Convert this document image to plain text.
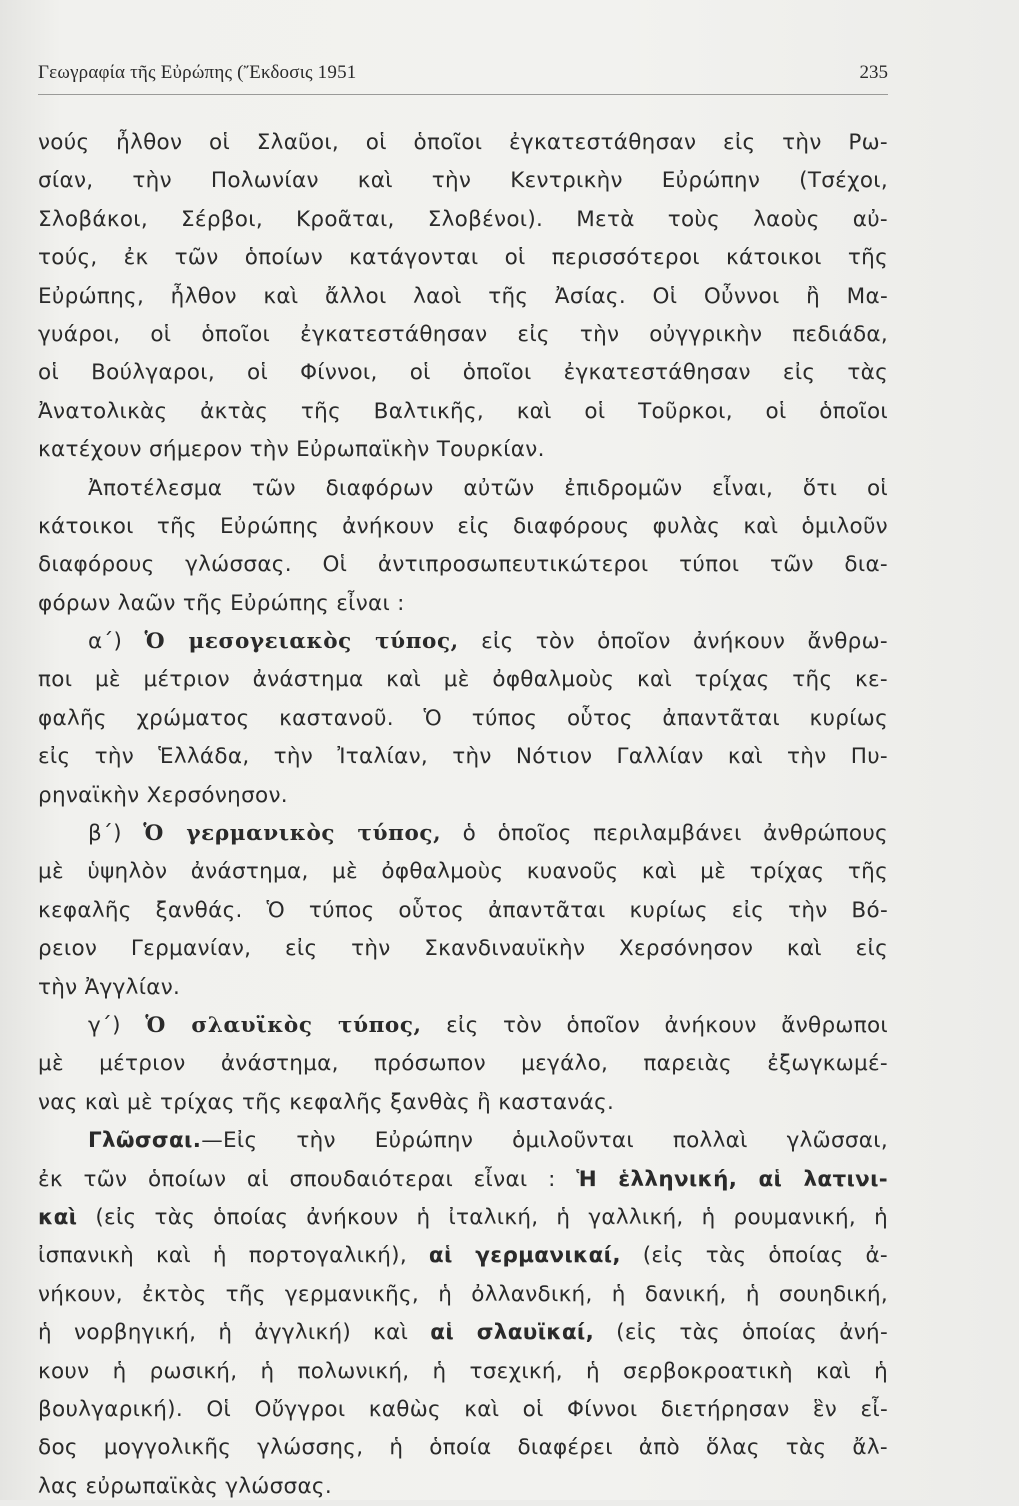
Γεωγραφία τῆς Εὐρώπης (Ἔκδοσις 1951	235
νούς ἦλθον οἱ Σλαῦοι, οἱ ὁποῖοι ἐγκατεστάθησαν εἰς τὴν Ρω-
σίαν, τὴν Πολωνίαν καὶ τὴν Κεντρικὴν Εὐρώπην (Τσέχοι,
Σλοβάκοι, Σέρβοι, Κροᾶται, Σλοβένοι). Μετὰ τοὺς λαοὺς αὐ-
τούς, ἐκ τῶν ὁποίων κατάγονται οἱ περισσότεροι κάτοικοι τῆς
Εὐρώπης, ἦλθον καὶ ἄλλοι λαοὶ τῆς Ἀσίας. Οἱ Οὖννοι ἢ Μα-
γυάροι, οἱ ὁποῖοι ἐγκατεστάθησαν εἰς τὴν οὐγγρικὴν πεδιάδα,
οἱ Βούλγαροι, οἱ Φίννοι, οἱ ὁποῖοι ἐγκατεστάθησαν εἰς τὰς
Ἀνατολικὰς ἀκτὰς τῆς Βαλτικῆς, καὶ οἱ Τοῦρκοι, οἱ ὁποῖοι
κατέχουν σήμερον τὴν Εὐρωπαϊκὴν Τουρκίαν.
Ἀποτέλεσμα τῶν διαφόρων αὐτῶν ἐπιδρομῶν εἶναι, ὅτι οἱ
κάτοικοι τῆς Εὐρώπης ἀνήκουν εἰς διαφόρους φυλὰς καὶ ὁμιλοῦν
διαφόρους γλώσσας. Οἱ ἀντιπροσωπευτικώτεροι τύποι τῶν δια-
φόρων λαῶν τῆς Εὐρώπης εἶναι :
α΄) Ὁ μεσογειακὸς τύπος, εἰς τὸν ὁποῖον ἀνήκουν ἄνθρω-
ποι μὲ μέτριον ἀνάστημα καὶ μὲ ὀφθαλμοὺς καὶ τρίχας τῆς κε-
φαλῆς χρώματος καστανοῦ. Ὁ τύπος οὗτος ἀπαντᾶται κυρίως
εἰς τὴν Ἑλλάδα, τὴν Ἰταλίαν, τὴν Νότιον Γαλλίαν καὶ τὴν Πυ-
ρηναϊκὴν Χερσόνησον.
β΄) Ὁ γερμανικὸς τύπος, ὁ ὁποῖος περιλαμβάνει ἀνθρώπους
μὲ ὑψηλὸν ἀνάστημα, μὲ ὀφθαλμοὺς κυανοῦς καὶ μὲ τρίχας τῆς
κεφαλῆς ξανθάς. Ὁ τύπος οὗτος ἀπαντᾶται κυρίως εἰς τὴν Βό-
ρειον Γερμανίαν, εἰς τὴν Σκανδιναυϊκὴν Χερσόνησον καὶ εἰς
τὴν Ἀγγλίαν.
γ΄) Ὁ σλαυϊκὸς τύπος, εἰς τὸν ὁποῖον ἀνήκουν ἄνθρωποι
μὲ μέτριον ἀνάστημα, πρόσωπον μεγάλο, παρειὰς ἐξωγκωμέ-
νας καὶ μὲ τρίχας τῆς κεφαλῆς ξανθὰς ἢ καστανάς.
Γλῶσσαι.—Εἰς τὴν Εὐρώπην ὁμιλοῦνται πολλαὶ γλῶσσαι,
ἐκ τῶν ὁποίων αἱ σπουδαιότεραι εἶναι : Ἡ ἑλληνική, αἱ λατινι-
καὶ (εἰς τὰς ὁποίας ἀνήκουν ἡ ἰταλική, ἡ γαλλική, ἡ ρουμανική, ἡ
ἰσπανικὴ καὶ ἡ πορτογαλική), αἱ γερμανικαί, (εἰς τὰς ὁποίας ἀ-
νήκουν, ἐκτὸς τῆς γερμανικῆς, ἡ ὀλλανδική, ἡ δανική, ἡ σουηδική,
ἡ νορβηγική, ἡ ἀγγλική) καὶ αἱ σλαυϊκαί, (εἰς τὰς ὁποίας ἀνή-
κουν ἡ ρωσική, ἡ πολωνική, ἡ τσεχική, ἡ σερβοκροατικὴ καὶ ἡ
βουλγαρική). Οἱ Οὔγγροι καθὼς καὶ οἱ Φίννοι διετήρησαν ἓν εἶ-
δος μογγολικῆς γλώσσης, ἡ ὁποία διαφέρει ἀπὸ ὅλας τὰς ἄλ-
λας εὐρωπαϊκὰς γλώσσας.
